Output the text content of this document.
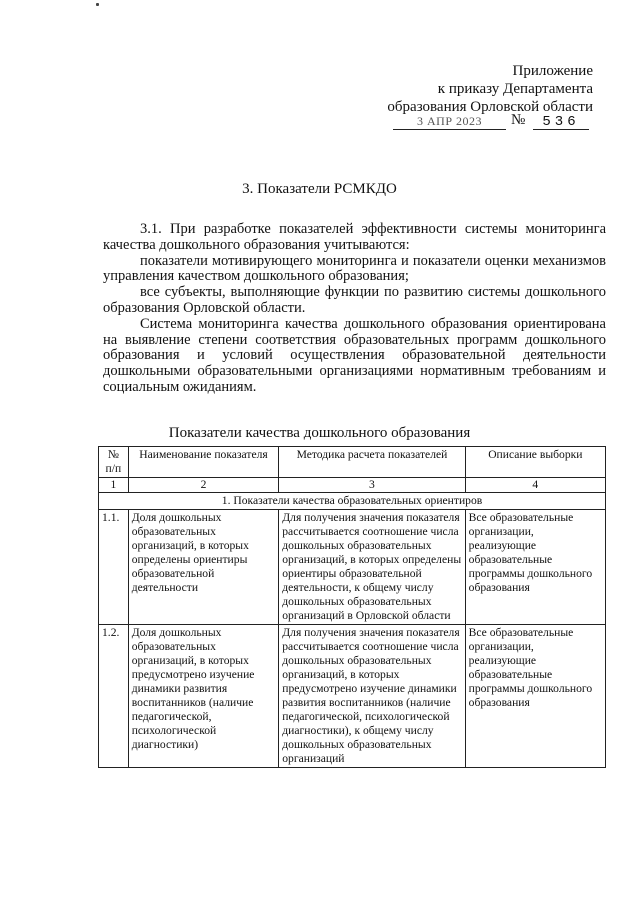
Приложение
к приказу Департамента
образования Орловской области
3 АПР 2023	№	536
3. Показатели РСМКДО

3.1. При разработке показателей эффективности системы мониторинга качества дошкольного образования учитываются:

показатели мотивирующего мониторинга и показатели оценки механизмов управления качеством дошкольного образования;

все субъекты, выполняющие функции по развитию системы дошкольного образования Орловской области.

Система мониторинга качества дошкольного образования ориентирована на выявление степени соответствия образовательных программ дошкольного образования и условий осуществления образовательной деятельности дошкольными образовательными организациями нормативным требованиям и социальным ожиданиям.

Показатели качества дошкольного образования
№ п/п	Наименование показателя	Методика расчета показателей	Описание выборки
1	2	3	4
1. Показатели качества образовательных ориентиров			
1.1.	Доля дошкольных образовательных организаций, в которых определены ориентиры образовательной деятельности	Для получения значения показателя рассчитывается соотношение числа дошкольных образовательных организаций, в которых определены ориентиры образовательной деятельности, к общему числу дошкольных образовательных организаций в Орловской области	Все образовательные организации, реализующие образовательные программы дошкольного образования
1.2.	Доля дошкольных образовательных организаций, в которых предусмотрено изучение динамики развития воспитанников (наличие педагогической, психологической диагностики)	Для получения значения показателя рассчитывается соотношение числа дошкольных образовательных организаций, в которых предусмотрено изучение динамики развития воспитанников (наличие педагогической, психологической диагностики), к общему числу дошкольных образовательных организаций	Все образовательные организации, реализующие образовательные программы дошкольного образования
